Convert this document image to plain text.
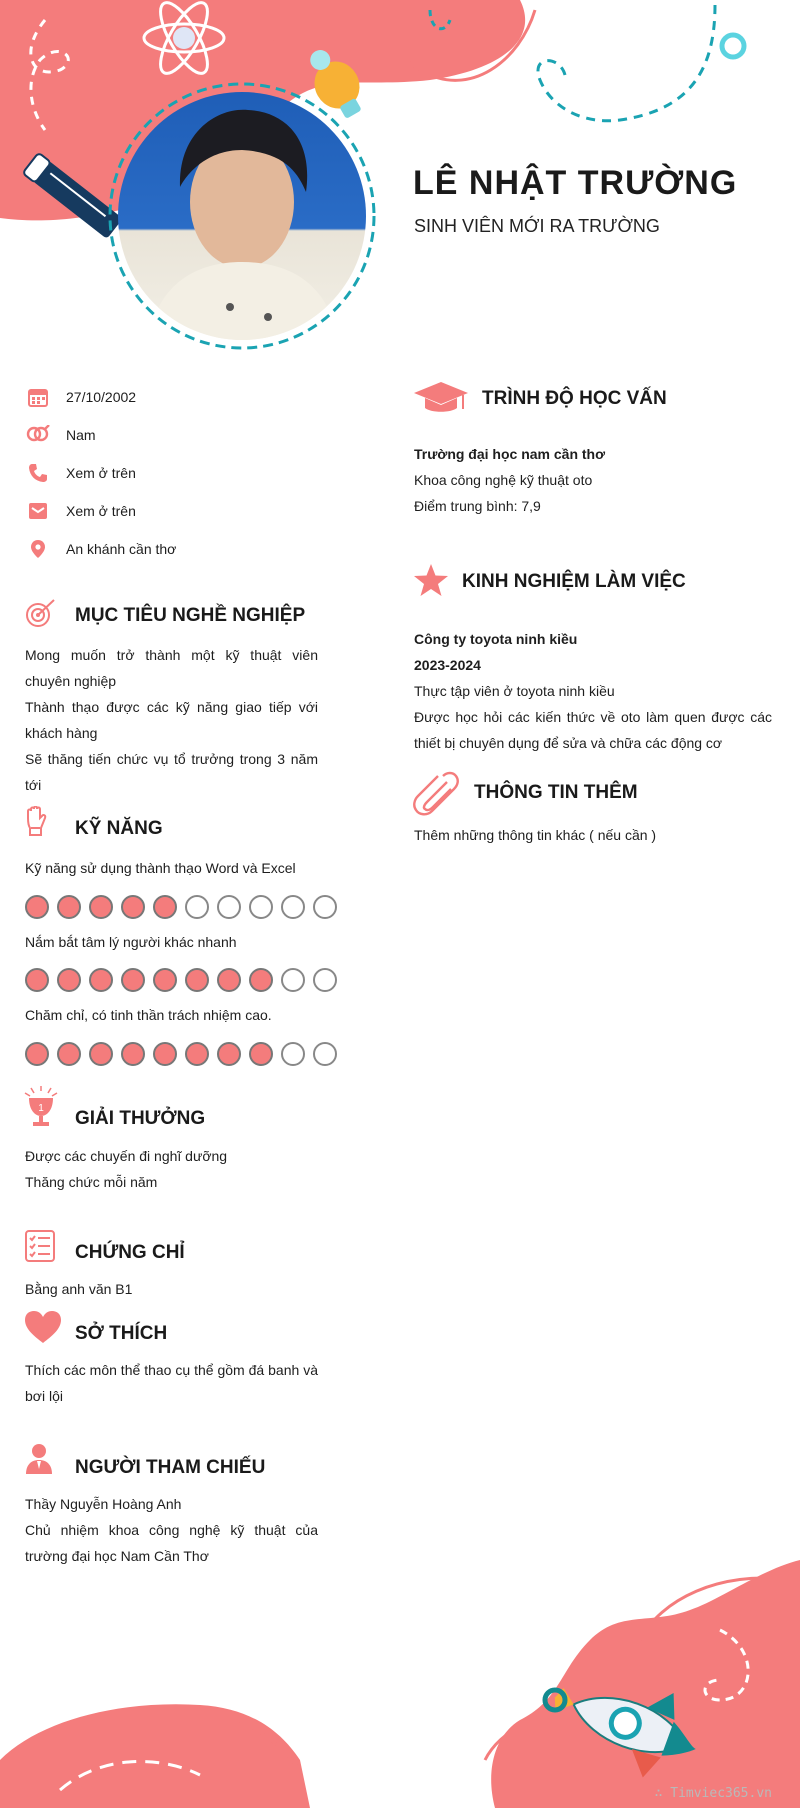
LÊ NHẬT TRƯỜNG
SINH VIÊN MỚI RA TRƯỜNG
27/10/2002
Nam
Xem ở trên
Xem ở trên
An khánh cần thơ
MỤC TIÊU NGHỀ NGHIỆP
Mong muốn trở thành một kỹ thuật viên chuyên nghiệp
Thành thạo được các kỹ năng giao tiếp với khách hàng
Sẽ thăng tiến chức vụ tổ trưởng trong 3 năm tới
KỸ NĂNG
Kỹ năng sử dụng thành thạo Word và Excel
Nắm bắt tâm lý người khác nhanh
Chăm chỉ, có tinh thần trách nhiệm cao.
1 GIẢI THƯỞNG
Được các chuyến đi nghĩ dưỡng
Thăng chức mỗi năm
CHỨNG CHỈ
Bằng anh văn B1
SỞ THÍCH
Thích các môn thể thao cụ thể gồm đá banh và bơi lội
NGƯỜI THAM CHIẾU
Thầy Nguyễn Hoàng Anh
Chủ nhiệm khoa công nghệ kỹ thuật của trường đại học Nam Cần Thơ
TRÌNH ĐỘ HỌC VẤN
Trường đại học nam cần thơ
Khoa công nghệ kỹ thuật oto
Điểm trung bình: 7,9
KINH NGHIỆM LÀM VIỆC
Công ty toyota ninh kiều
2023-2024
Thực tập viên ở toyota ninh kiều
Được học hỏi các kiến thức về oto làm quen được các thiết bị chuyên dụng để sửa và chữa các động cơ
THÔNG TIN THÊM
Thêm những thông tin khác ( nếu cần )
∴ Timviec365.vn
